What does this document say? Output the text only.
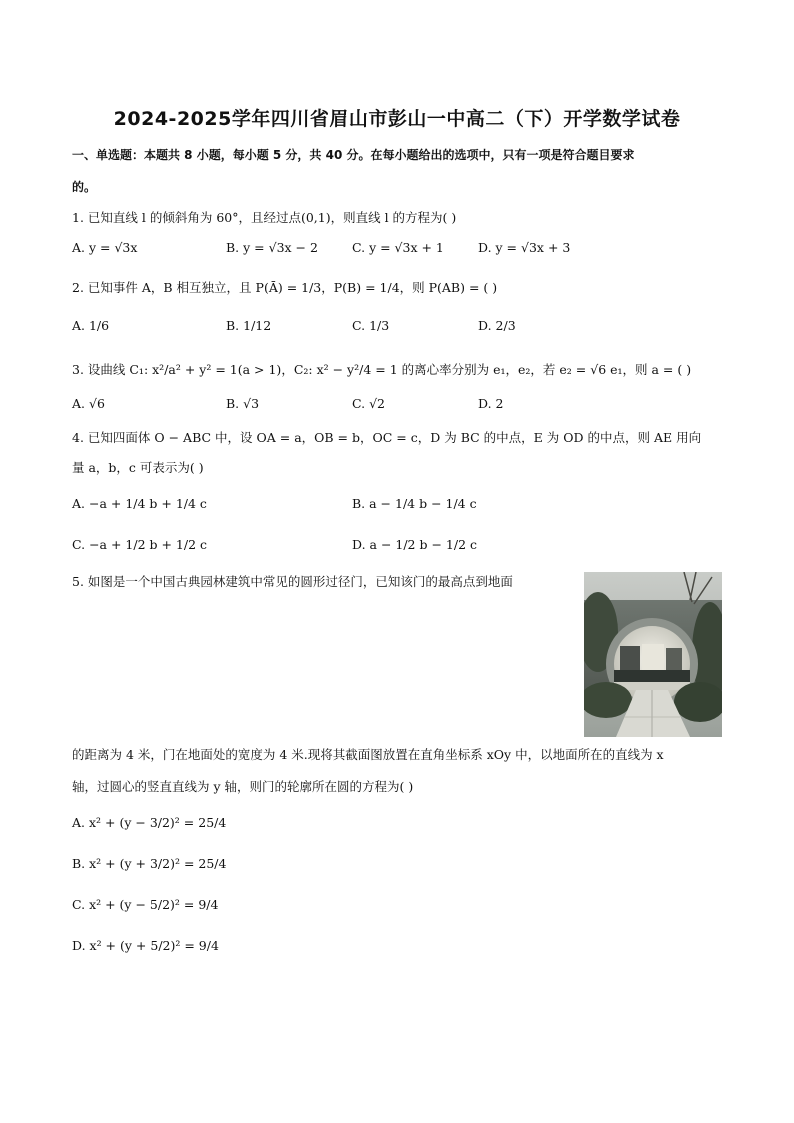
2024-2025学年四川省眉山市彭山一中高二（下）开学数学试卷
一、单选题：本题共 8 小题，每小题 5 分，共 40 分。在每小题给出的选项中，只有一项是符合题目要求
的。
1. 已知直线 l 的倾斜角为 60°，且经过点(0,1)，则直线 l 的方程为( )
A. y = √3x	B. y = √3x − 2	C. y = √3x + 1	D. y = √3x + 3
2. 已知事件 A，B 相互独立，且 P(Ā) = 1/3，P(B) = 1/4，则 P(AB) = ( )
A. 1/6	B. 1/12	C. 1/3	D. 2/3
3. 设曲线 C₁: x²/a² + y² = 1(a > 1)，C₂: x² − y²/4 = 1 的离心率分别为 e₁，e₂，若 e₂ = √6 e₁，则 a = ( )
A. √6	B. √3	C. √2	D. 2
4. 已知四面体 O − ABC 中，设 OA = a，OB = b，OC = c，D 为 BC 的中点，E 为 OD 的中点，则 AE 用向
量 a，b，c 可表示为( )
A. −a + 1/4 b + 1/4 c	B. a − 1/4 b − 1/4 c
C. −a + 1/2 b + 1/2 c	D. a − 1/2 b − 1/2 c
5. 如图是一个中国古典园林建筑中常见的圆形过径门，已知该门的最高点到地面
的距离为 4 米，门在地面处的宽度为 4 米.现将其截面图放置在直角坐标系 xOy 中，以地面所在的直线为 x
轴，过圆心的竖直直线为 y 轴，则门的轮廓所在圆的方程为( )
A. x² + (y − 3/2)² = 25/4
B. x² + (y + 3/2)² = 25/4
C. x² + (y − 5/2)² = 9/4
D. x² + (y + 5/2)² = 9/4
